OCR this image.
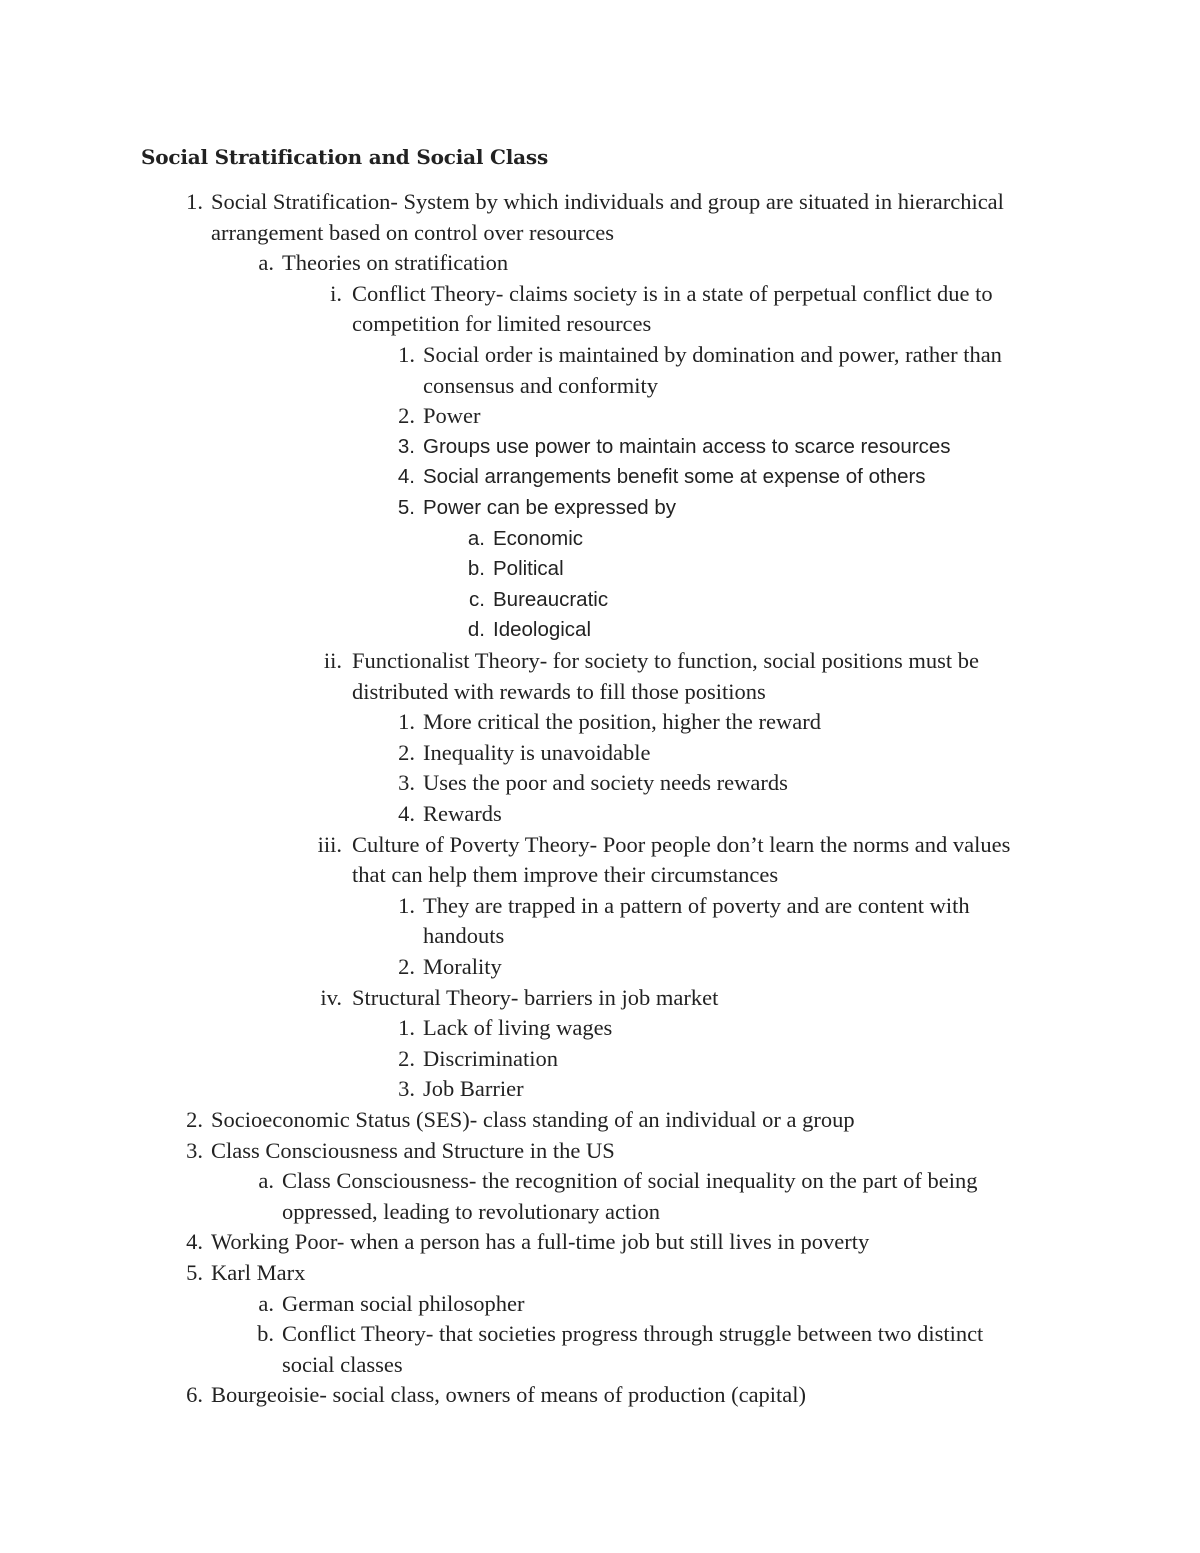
Social Stratification and Social Class
1. Social Stratification- System by which individuals and group are situated in hierarchical
arrangement based on control over resources
a. Theories on stratification
i. Conflict Theory- claims society is in a state of perpetual conflict due to
competition for limited resources
1. Social order is maintained by domination and power, rather than
consensus and conformity
2. Power
3. Groups use power to maintain access to scarce resources
4. Social arrangements benefit some at expense of others
5. Power can be expressed by
a. Economic
b. Political
c. Bureaucratic
d. Ideological
ii. Functionalist Theory- for society to function, social positions must be
distributed with rewards to fill those positions
1. More critical the position, higher the reward
2. Inequality is unavoidable
3. Uses the poor and society needs rewards
4. Rewards
iii. Culture of Poverty Theory- Poor people don’t learn the norms and values
that can help them improve their circumstances
1. They are trapped in a pattern of poverty and are content with
handouts
2. Morality
iv. Structural Theory- barriers in job market
1. Lack of living wages
2. Discrimination
3. Job Barrier
2. Socioeconomic Status (SES)- class standing of an individual or a group
3. Class Consciousness and Structure in the US
a. Class Consciousness- the recognition of social inequality on the part of being
oppressed, leading to revolutionary action
4. Working Poor- when a person has a full-time job but still lives in poverty
5. Karl Marx
a. German social philosopher
b. Conflict Theory- that societies progress through struggle between two distinct
social classes
6. Bourgeoisie- social class, owners of means of production (capital)
